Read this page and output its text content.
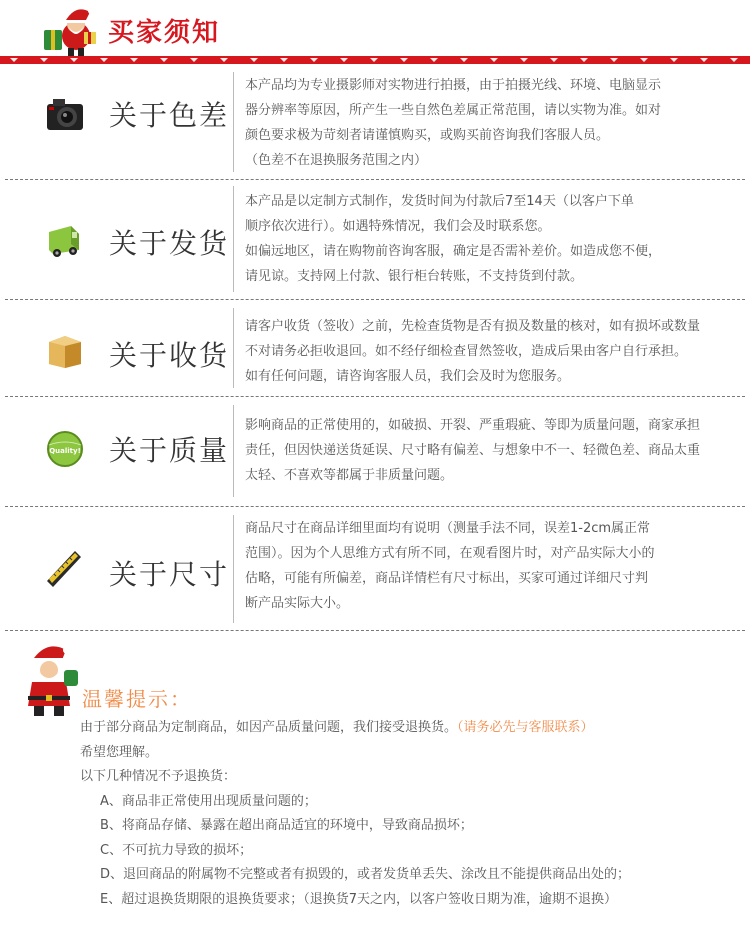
买家须知
关于色差
本产品均为专业摄影师对实物进行拍摄，由于拍摄光线、环境、电脑显示
器分辨率等原因，所产生一些自然色差属正常范围，请以实物为准。如对
颜色要求极为苛刻者请谨慎购买，或购买前咨询我们客服人员。
（色差不在退换服务范围之内）
关于发货
本产品是以定制方式制作，发货时间为付款后7至14天（以客户下单
顺序依次进行）。如遇特殊情况，我们会及时联系您。
如偏远地区，请在购物前咨询客服，确定是否需补差价。如造成您不便，
请见谅。支持网上付款、银行柜台转账，不支持货到付款。
关于收货
请客户收货（签收）之前，先检查货物是否有损及数量的核对，如有损坏或数量
不对请务必拒收退回。如不经仔细检查冒然签收，造成后果由客户自行承担。
如有任何问题，请咨询客服人员，我们会及时为您服务。
Quality! 关于质量
影响商品的正常使用的，如破损、开裂、严重瑕疵、等即为质量问题，商家承担
责任，但因快递送货延误、尺寸略有偏差、与想象中不一、轻微色差、商品太重
太轻、不喜欢等都属于非质量问题。
关于尺寸
商品尺寸在商品详细里面均有说明（测量手法不同，误差1-2cm属正常
范围）。因为个人思维方式有所不同，在观看图片时，对产品实际大小的
估略，可能有所偏差，商品详情栏有尺寸标出，买家可通过详细尺寸判
断产品实际大小。
温馨提示：
由于部分商品为定制商品，如因产品质量问题，我们接受退换货。（请务必先与客服联系）
希望您理解。
以下几种情况不予退换货：
A、商品非正常使用出现质量问题的；
B、将商品存储、暴露在超出商品适宜的环境中，导致商品损坏；
C、不可抗力导致的损坏；
D、退回商品的附属物不完整或者有损毁的，或者发货单丢失、涂改且不能提供商品出处的；
E、超过退换货期限的退换货要求；（退换货7天之内，以客户签收日期为准，逾期不退换）
